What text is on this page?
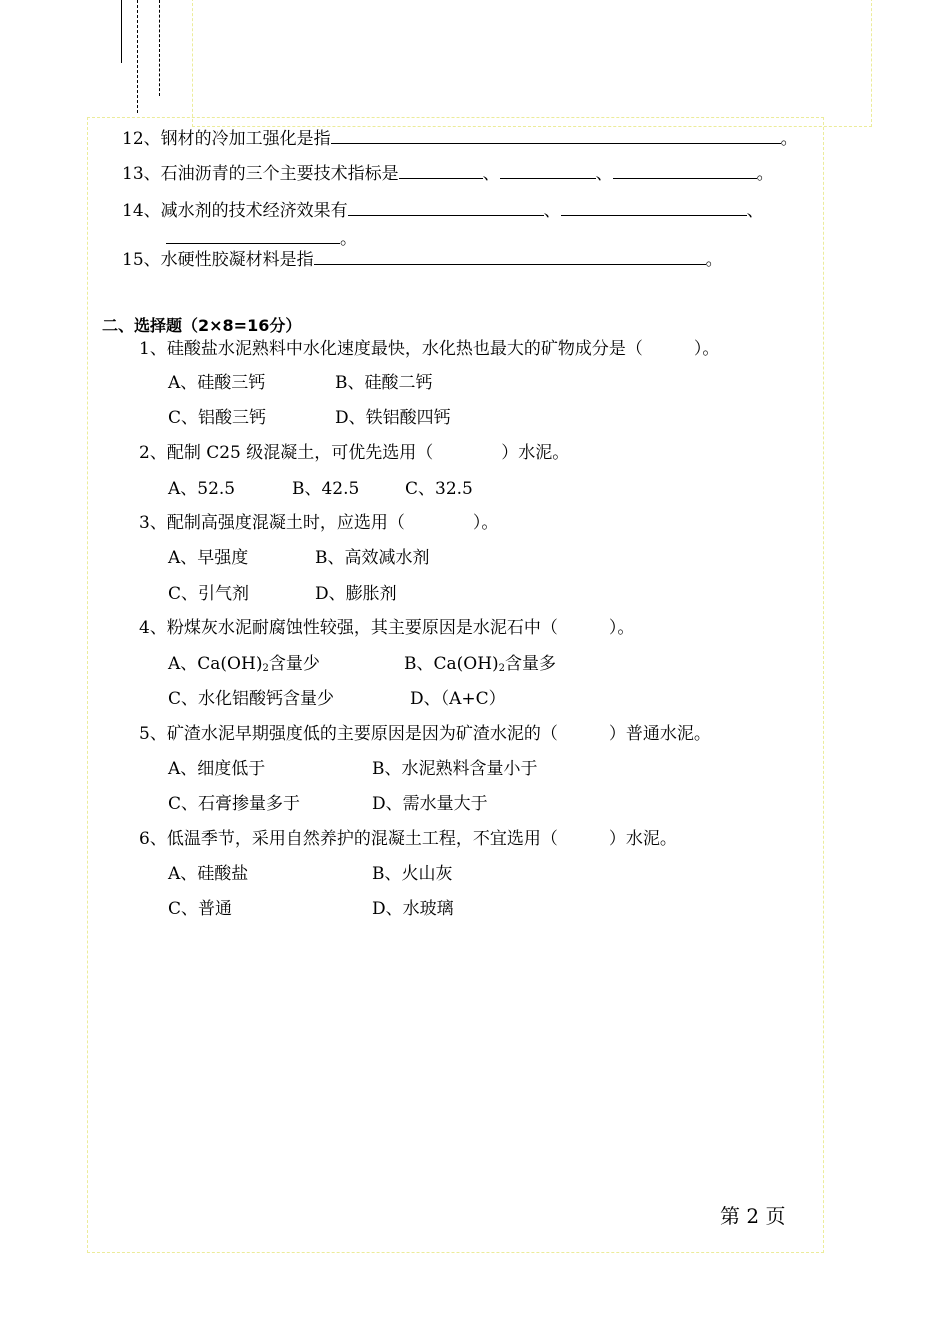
12、钢材的冷加工强化是指	。
13、石油沥青的三个主要技术指标是	、	、	。
14、减水剂的技术经济效果有	、	、
。
15、水硬性胶凝材料是指	。
二、选择题（2×8=16分）
1、硅酸盐水泥熟料中水化速度最快，水化热也最大的矿物成分是（　　　）。
A、硅酸三钙	B、硅酸二钙
C、铝酸三钙	D、铁铝酸四钙
2、配制 C25 级混凝土，可优先选用（　　　　）水泥。
A、52.5	B、42.5	C、32.5
3、配制高强度混凝土时，应选用（　　　　）。
A、早强度	B、高效减水剂
C、引气剂	D、膨胀剂
4、粉煤灰水泥耐腐蚀性较强，其主要原因是水泥石中（　　　）。
A、$Ca(OH)_2$含量少	B、$Ca(OH)_2$含量多
C、水化铝酸钙含量少	D、（A+C）
5、矿渣水泥早期强度低的主要原因是因为矿渣水泥的（　　　）普通水泥。
A、细度低于	B、水泥熟料含量小于
C、石膏掺量多于	D、需水量大于
6、低温季节，采用自然养护的混凝土工程，不宜选用（　　　）水泥。
A、硅酸盐	B、火山灰
C、普通	D、水玻璃
第 2 页
